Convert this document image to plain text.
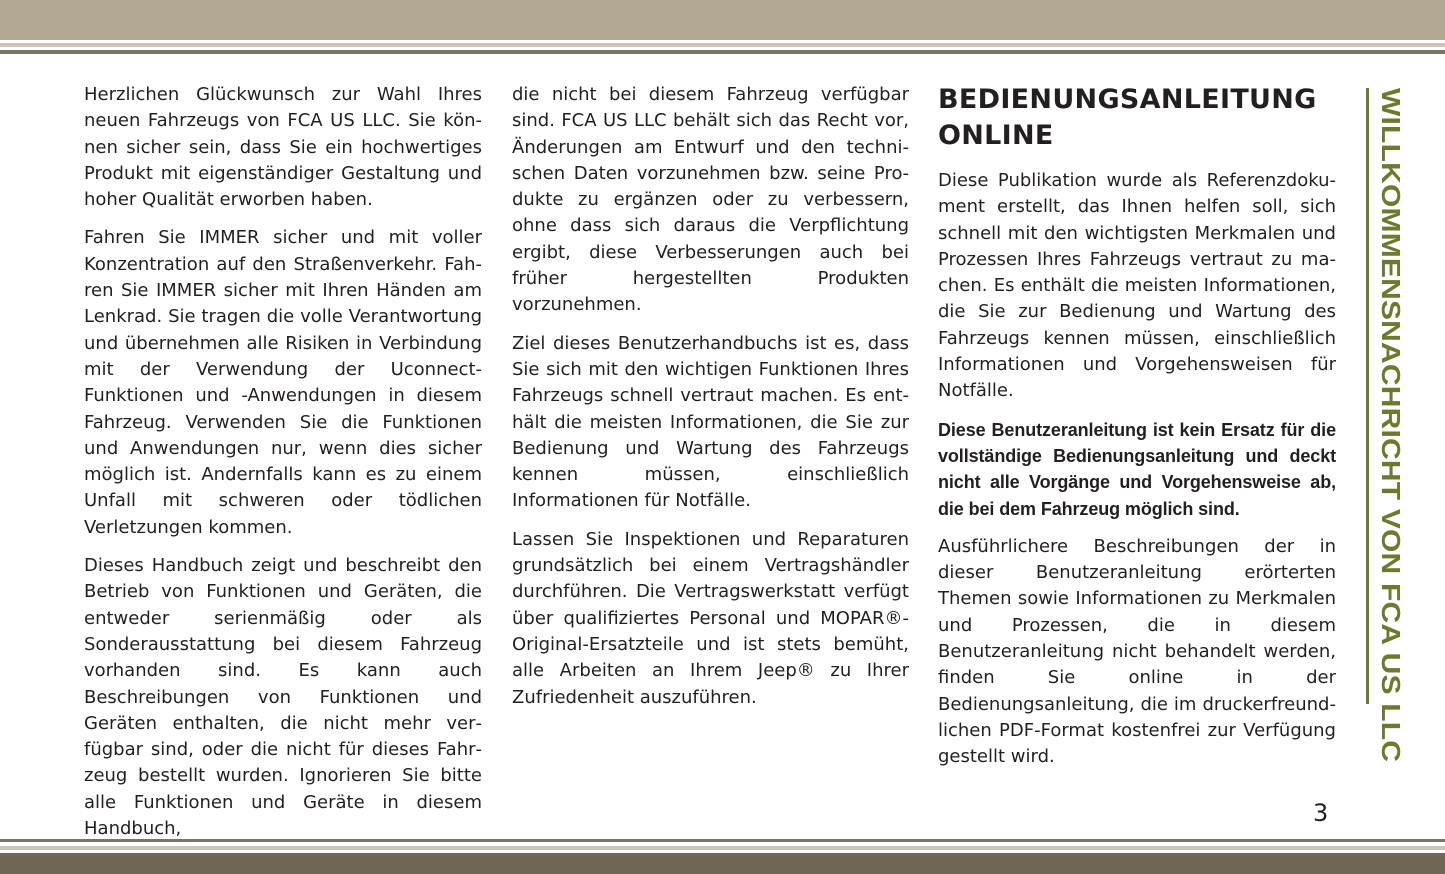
Herzlichen Glückwunsch zur Wahl Ihres neuen Fahrzeugs von FCA US LLC. Sie können sicher sein, dass Sie ein hochwertiges Produkt mit eigenständiger Gestaltung und hoher Qualität erworben haben.

Fahren Sie IMMER sicher und mit voller Konzentration auf den Straßenverkehr. Fahren Sie IMMER sicher mit Ihren Händen am Lenkrad. Sie tragen die volle Verantwortung und übernehmen alle Risiken in Verbindung mit der Verwendung der Uconnect-Funktionen und -Anwendungen in diesem Fahrzeug. Verwenden Sie die Funktionen und Anwendungen nur, wenn dies sicher möglich ist. Andernfalls kann es zu einem Unfall mit schweren oder tödlichen Verletzungen kommen.

Dieses Handbuch zeigt und beschreibt den Betrieb von Funktionen und Geräten, die entweder serienmäßig oder als Sonderausstattung bei diesem Fahrzeug vorhanden sind. Es kann auch Beschreibungen von Funktionen und Geräten enthalten, die nicht mehr verfügbar sind, oder die nicht für dieses Fahrzeug bestellt wurden. Ignorieren Sie bitte alle Funktionen und Geräte in diesem Handbuch,

die nicht bei diesem Fahrzeug verfügbar sind. FCA US LLC behält sich das Recht vor, Änderungen am Entwurf und den technischen Daten vorzunehmen bzw. seine Produkte zu ergänzen oder zu verbessern, ohne dass sich daraus die Verpflichtung ergibt, diese Verbesserungen auch bei früher hergestellten Produkten vorzunehmen.

Ziel dieses Benutzerhandbuchs ist es, dass Sie sich mit den wichtigen Funktionen Ihres Fahrzeugs schnell vertraut machen. Es enthält die meisten Informationen, die Sie zur Bedienung und Wartung des Fahrzeugs kennen müssen, einschließlich Informationen für Notfälle.

Lassen Sie Inspektionen und Reparaturen grundsätzlich bei einem Vertragshändler durchführen. Die Vertragswerkstatt verfügt über qualifiziertes Personal und MOPAR®-Original-Ersatzteile und ist stets bemüht, alle Arbeiten an Ihrem Jeep® zu Ihrer Zufriedenheit auszuführen.

BEDIENUNGSANLEITUNG ONLINE

Diese Publikation wurde als Referenzdokument erstellt, das Ihnen helfen soll, sich schnell mit den wichtigsten Merkmalen und Prozessen Ihres Fahrzeugs vertraut zu machen. Es enthält die meisten Informationen, die Sie zur Bedienung und Wartung des Fahrzeugs kennen müssen, einschließlich Informationen und Vorgehensweisen für Notfälle.

Diese Benutzeranleitung ist kein Ersatz für die vollständige Bedienungsanleitung und deckt nicht alle Vorgänge und Vorgehensweise ab, die bei dem Fahrzeug möglich sind.

Ausführlichere Beschreibungen der in dieser Benutzeranleitung erörterten Themen sowie Informationen zu Merkmalen und Prozessen, die in diesem Benutzeranleitung nicht behandelt werden, finden Sie online in der Bedienungsanleitung, die im druckerfreundlichen PDF-Format kostenfrei zur Verfügung gestellt wird.	WILLKOMMENSNACHRICHT VON FCA US LLC
3
